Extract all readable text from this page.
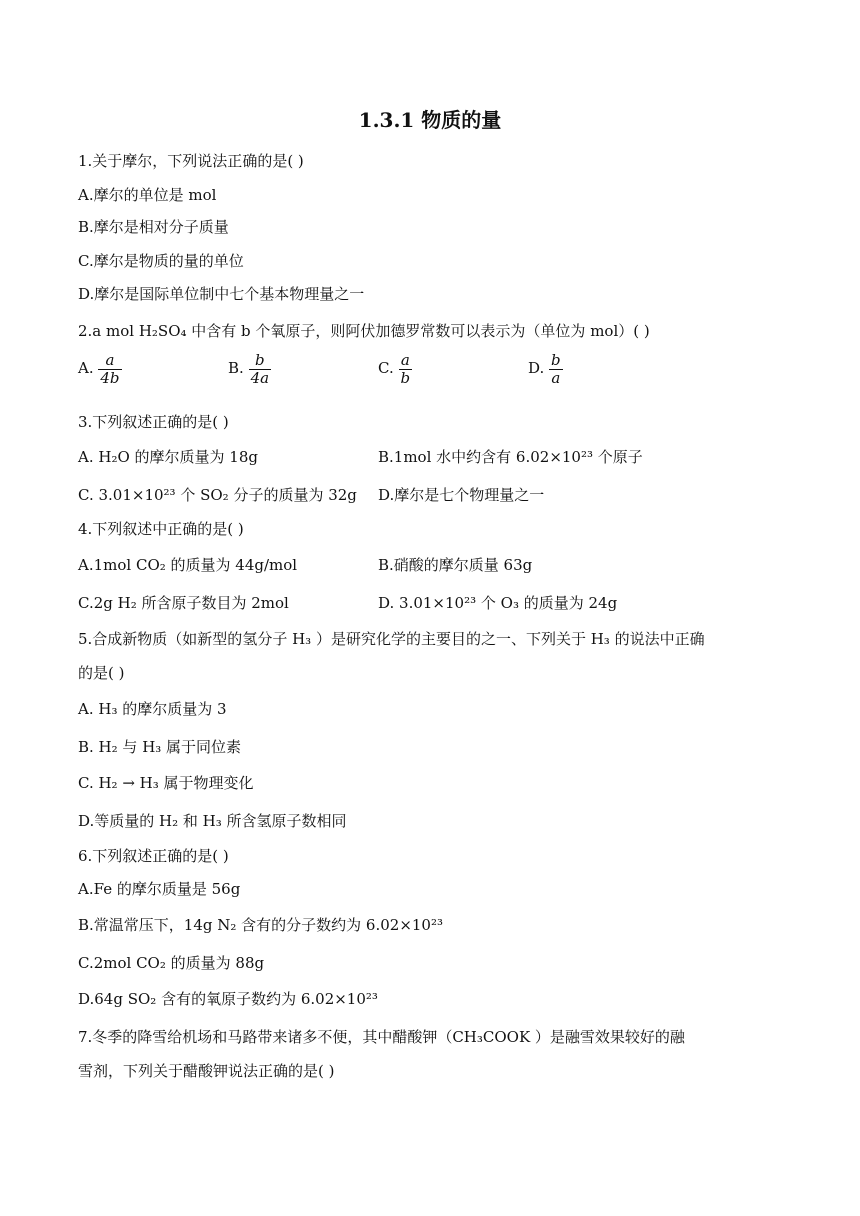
1.3.1 物质的量
1.关于摩尔，下列说法正确的是( )
A.摩尔的单位是 mol
B.摩尔是相对分子质量
C.摩尔是物质的量的单位
D.摩尔是国际单位制中七个基本物理量之一
2.a mol H₂SO₄ 中含有 b 个氧原子，则阿伏加德罗常数可以表示为（单位为 mol）( )
A. $\frac{a}{4b}$	B. $\frac{b}{4a}$	C. $\frac{a}{b}$	D. $\frac{b}{a}$
3.下列叙述正确的是( )
A. H₂O 的摩尔质量为 18g	B.1mol 水中约含有 6.02×10²³ 个原子
C. 3.01×10²³ 个 SO₂ 分子的质量为 32g D.摩尔是七个物理量之一
4.下列叙述中正确的是( )
A.1mol CO₂ 的质量为 44g/mol	B.硝酸的摩尔质量 63g
C.2g H₂ 所含原子数目为 2mol	D. 3.01×10²³ 个 O₃ 的质量为 24g
5.合成新物质（如新型的氢分子 H₃ ）是研究化学的主要目的之一、下列关于 H₃ 的说法中正确
的是( )
A. H₃ 的摩尔质量为 3
B. H₂ 与 H₃ 属于同位素
C. H₂ → H₃ 属于物理变化
D.等质量的 H₂ 和 H₃ 所含氢原子数相同
6.下列叙述正确的是( )
A.Fe 的摩尔质量是 56g
B.常温常压下，14g N₂ 含有的分子数约为 6.02×10²³
C.2mol CO₂ 的质量为 88g
D.64g SO₂ 含有的氧原子数约为 6.02×10²³
7.冬季的降雪给机场和马路带来诸多不便，其中醋酸钾（CH₃COOK ）是融雪效果较好的融
雪剂，下列关于醋酸钾说法正确的是( )
